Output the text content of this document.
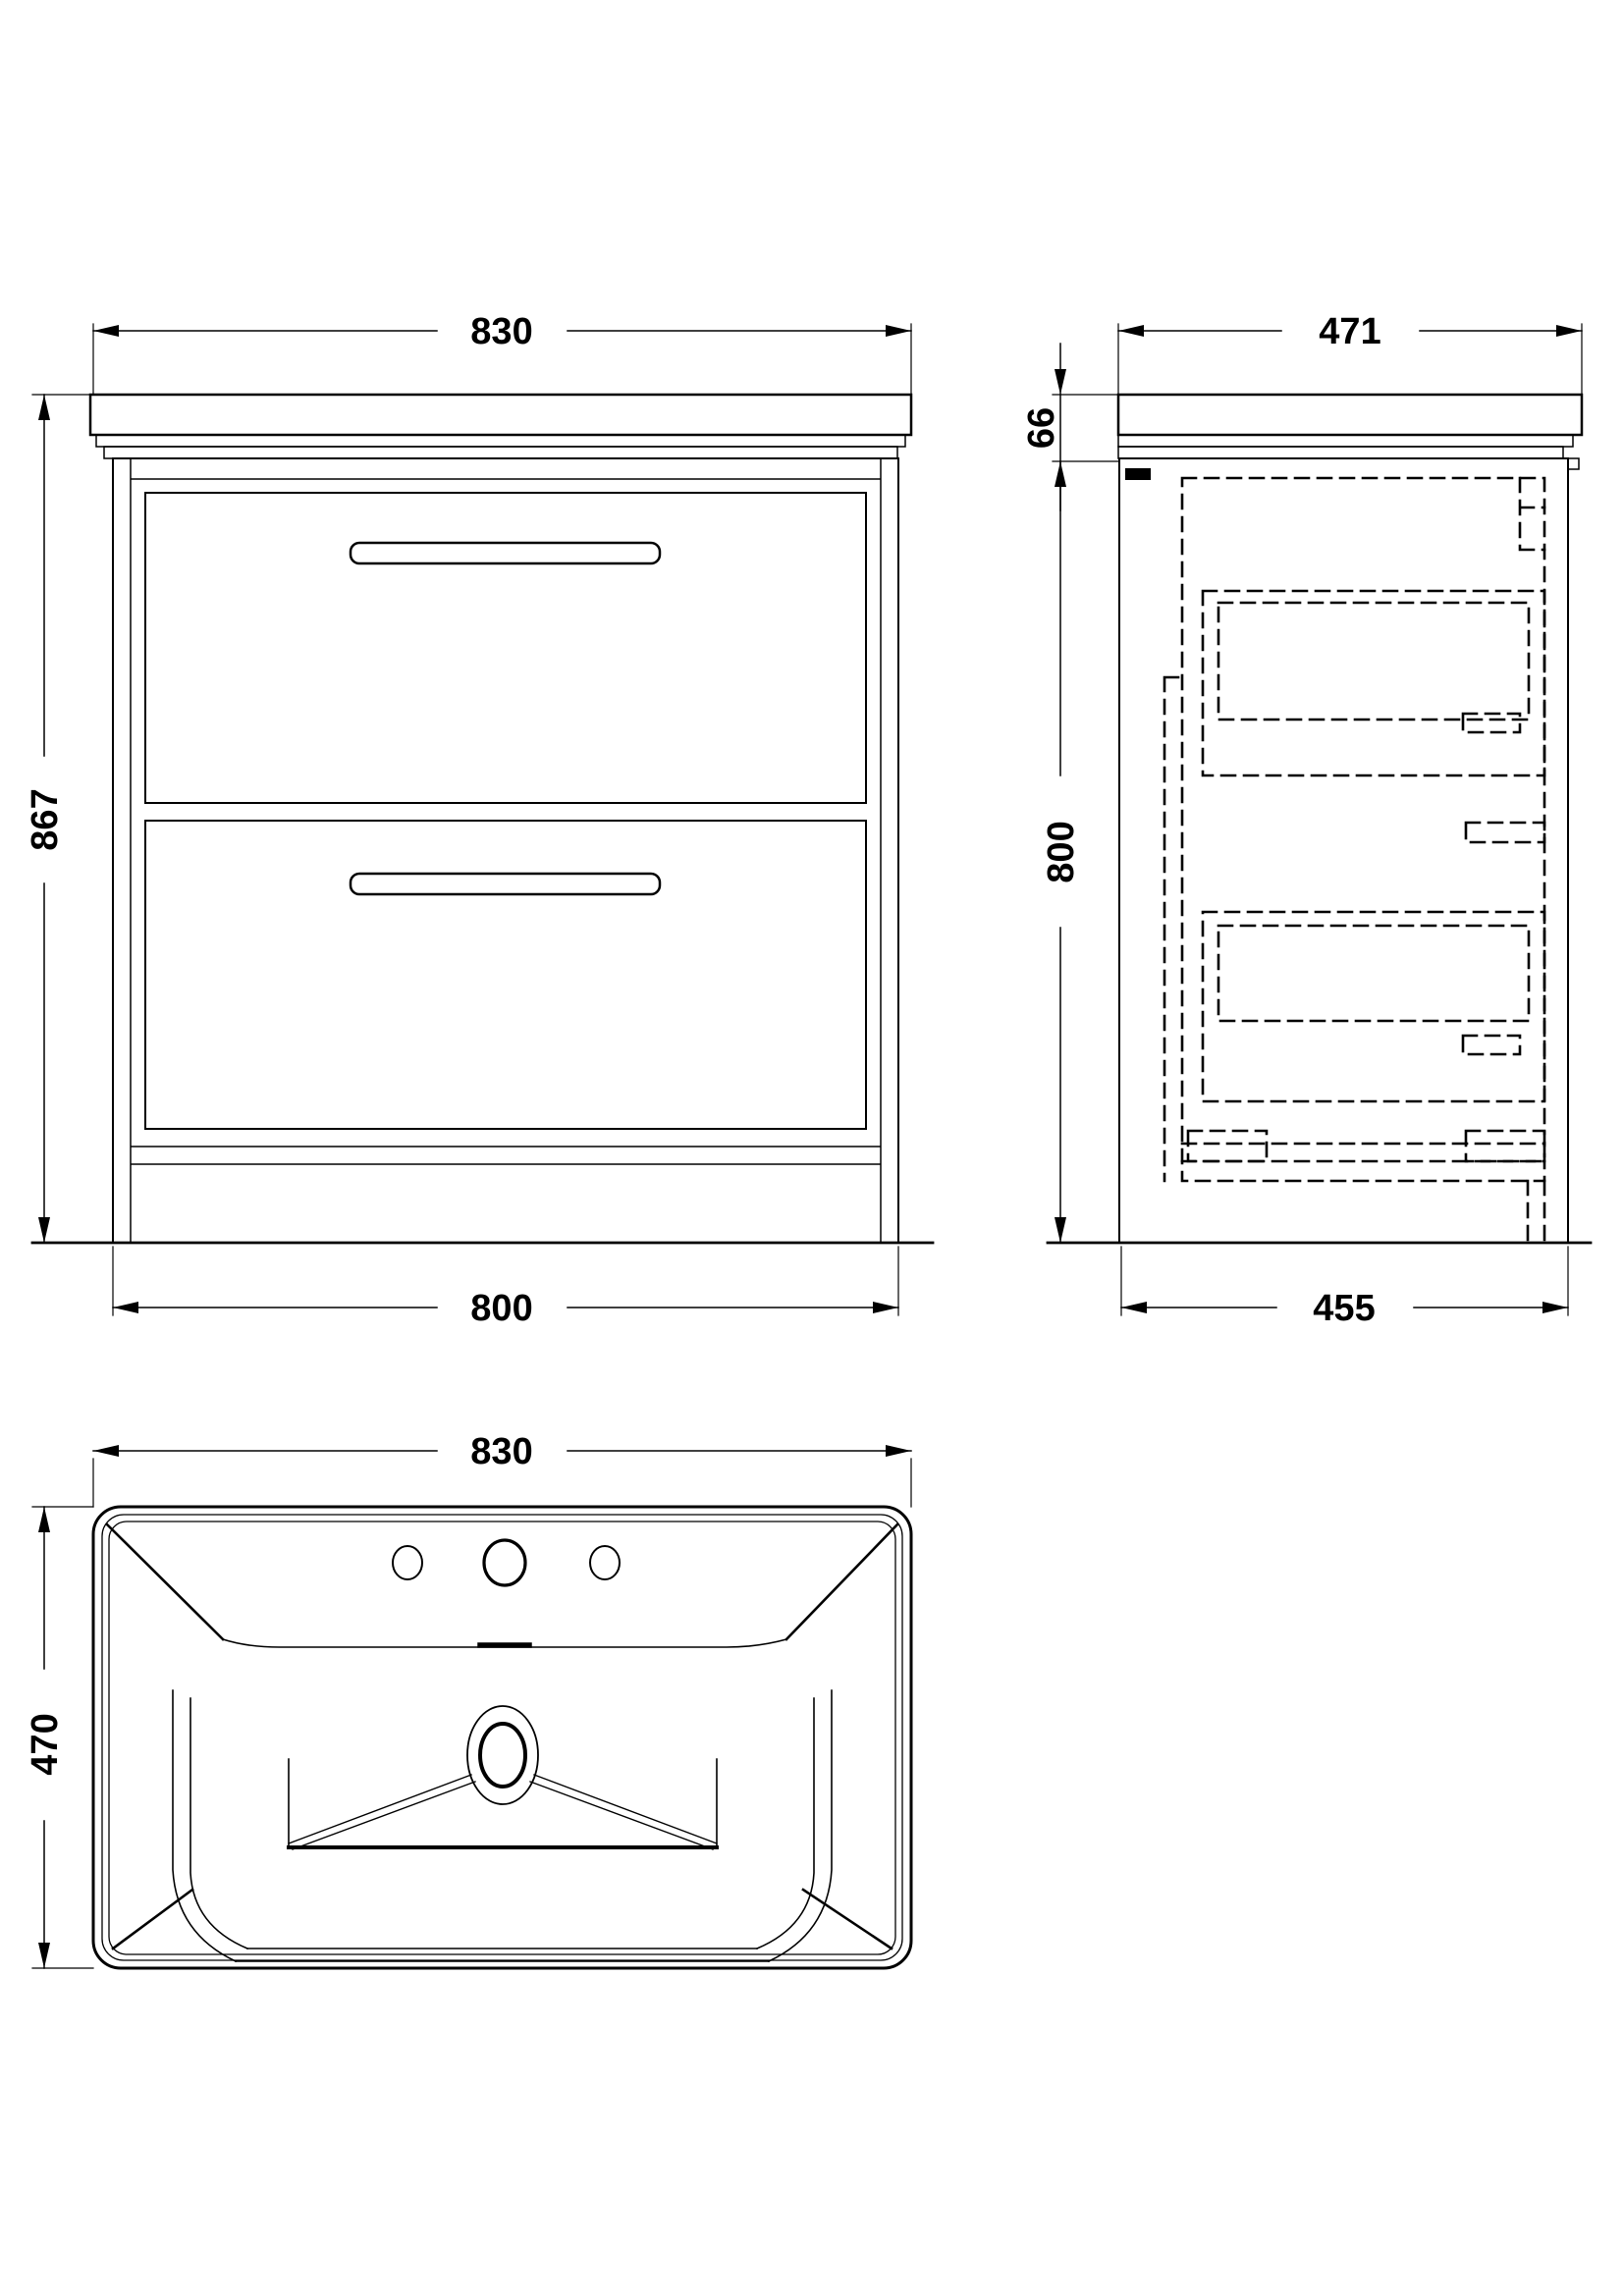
830
867
800
471
66
800
455
830
470
